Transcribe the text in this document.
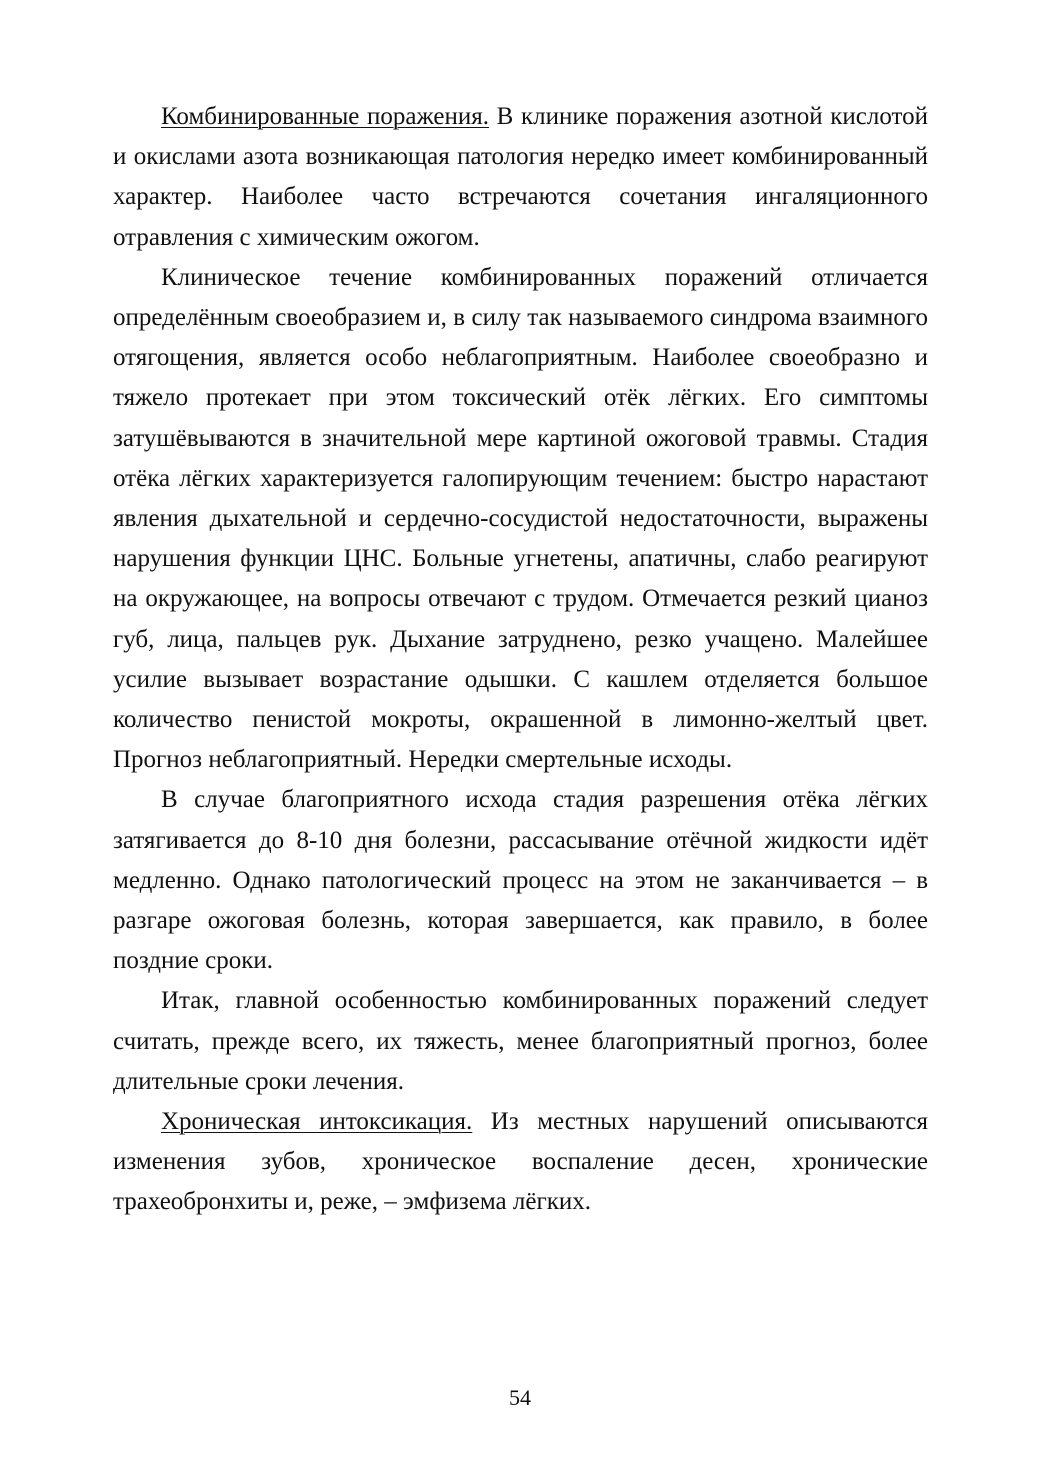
Комбинированные поражения. В клинике поражения азотной кислотой и окислами азота возникающая патология нередко имеет комбинированный характер. Наиболее часто встречаются сочетания ингаляционного отравления с химическим ожогом.

Клиническое течение комбинированных поражений отличается определённым своеобразием и, в силу так называемого синдрома взаимного отягощения, является особо неблагоприятным. Наиболее своеобразно и тяжело протекает при этом токсический отёк лёгких. Его симптомы затушёвываются в значительной мере картиной ожоговой травмы. Стадия отёка лёгких характеризуется галопирующим течением: быстро нарастают явления дыхательной и сердечно-сосудистой недостаточности, выражены нарушения функции ЦНС. Больные угнетены, апатичны, слабо реагируют на окружающее, на вопросы отвечают с трудом. Отмечается резкий цианоз губ, лица, пальцев рук. Дыхание затруднено, резко учащено. Малейшее усилие вызывает возрастание одышки. С кашлем отделяется большое количество пенистой мокроты, окрашенной в лимонно-желтый цвет. Прогноз неблагоприятный. Нередки смертельные исходы.

В случае благоприятного исхода стадия разрешения отёка лёгких затягивается до 8-10 дня болезни, рассасывание отёчной жидкости идёт медленно. Однако патологический процесс на этом не заканчивается – в разгаре ожоговая болезнь, которая завершается, как правило, в более поздние сроки.

Итак, главной особенностью комбинированных поражений следует считать, прежде всего, их тяжесть, менее благоприятный прогноз, более длительные сроки лечения.

Хроническая интоксикация. Из местных нарушений описываются изменения зубов, хроническое воспаление десен, хронические трахеобронхиты и, реже, – эмфизема лёгких.

54
